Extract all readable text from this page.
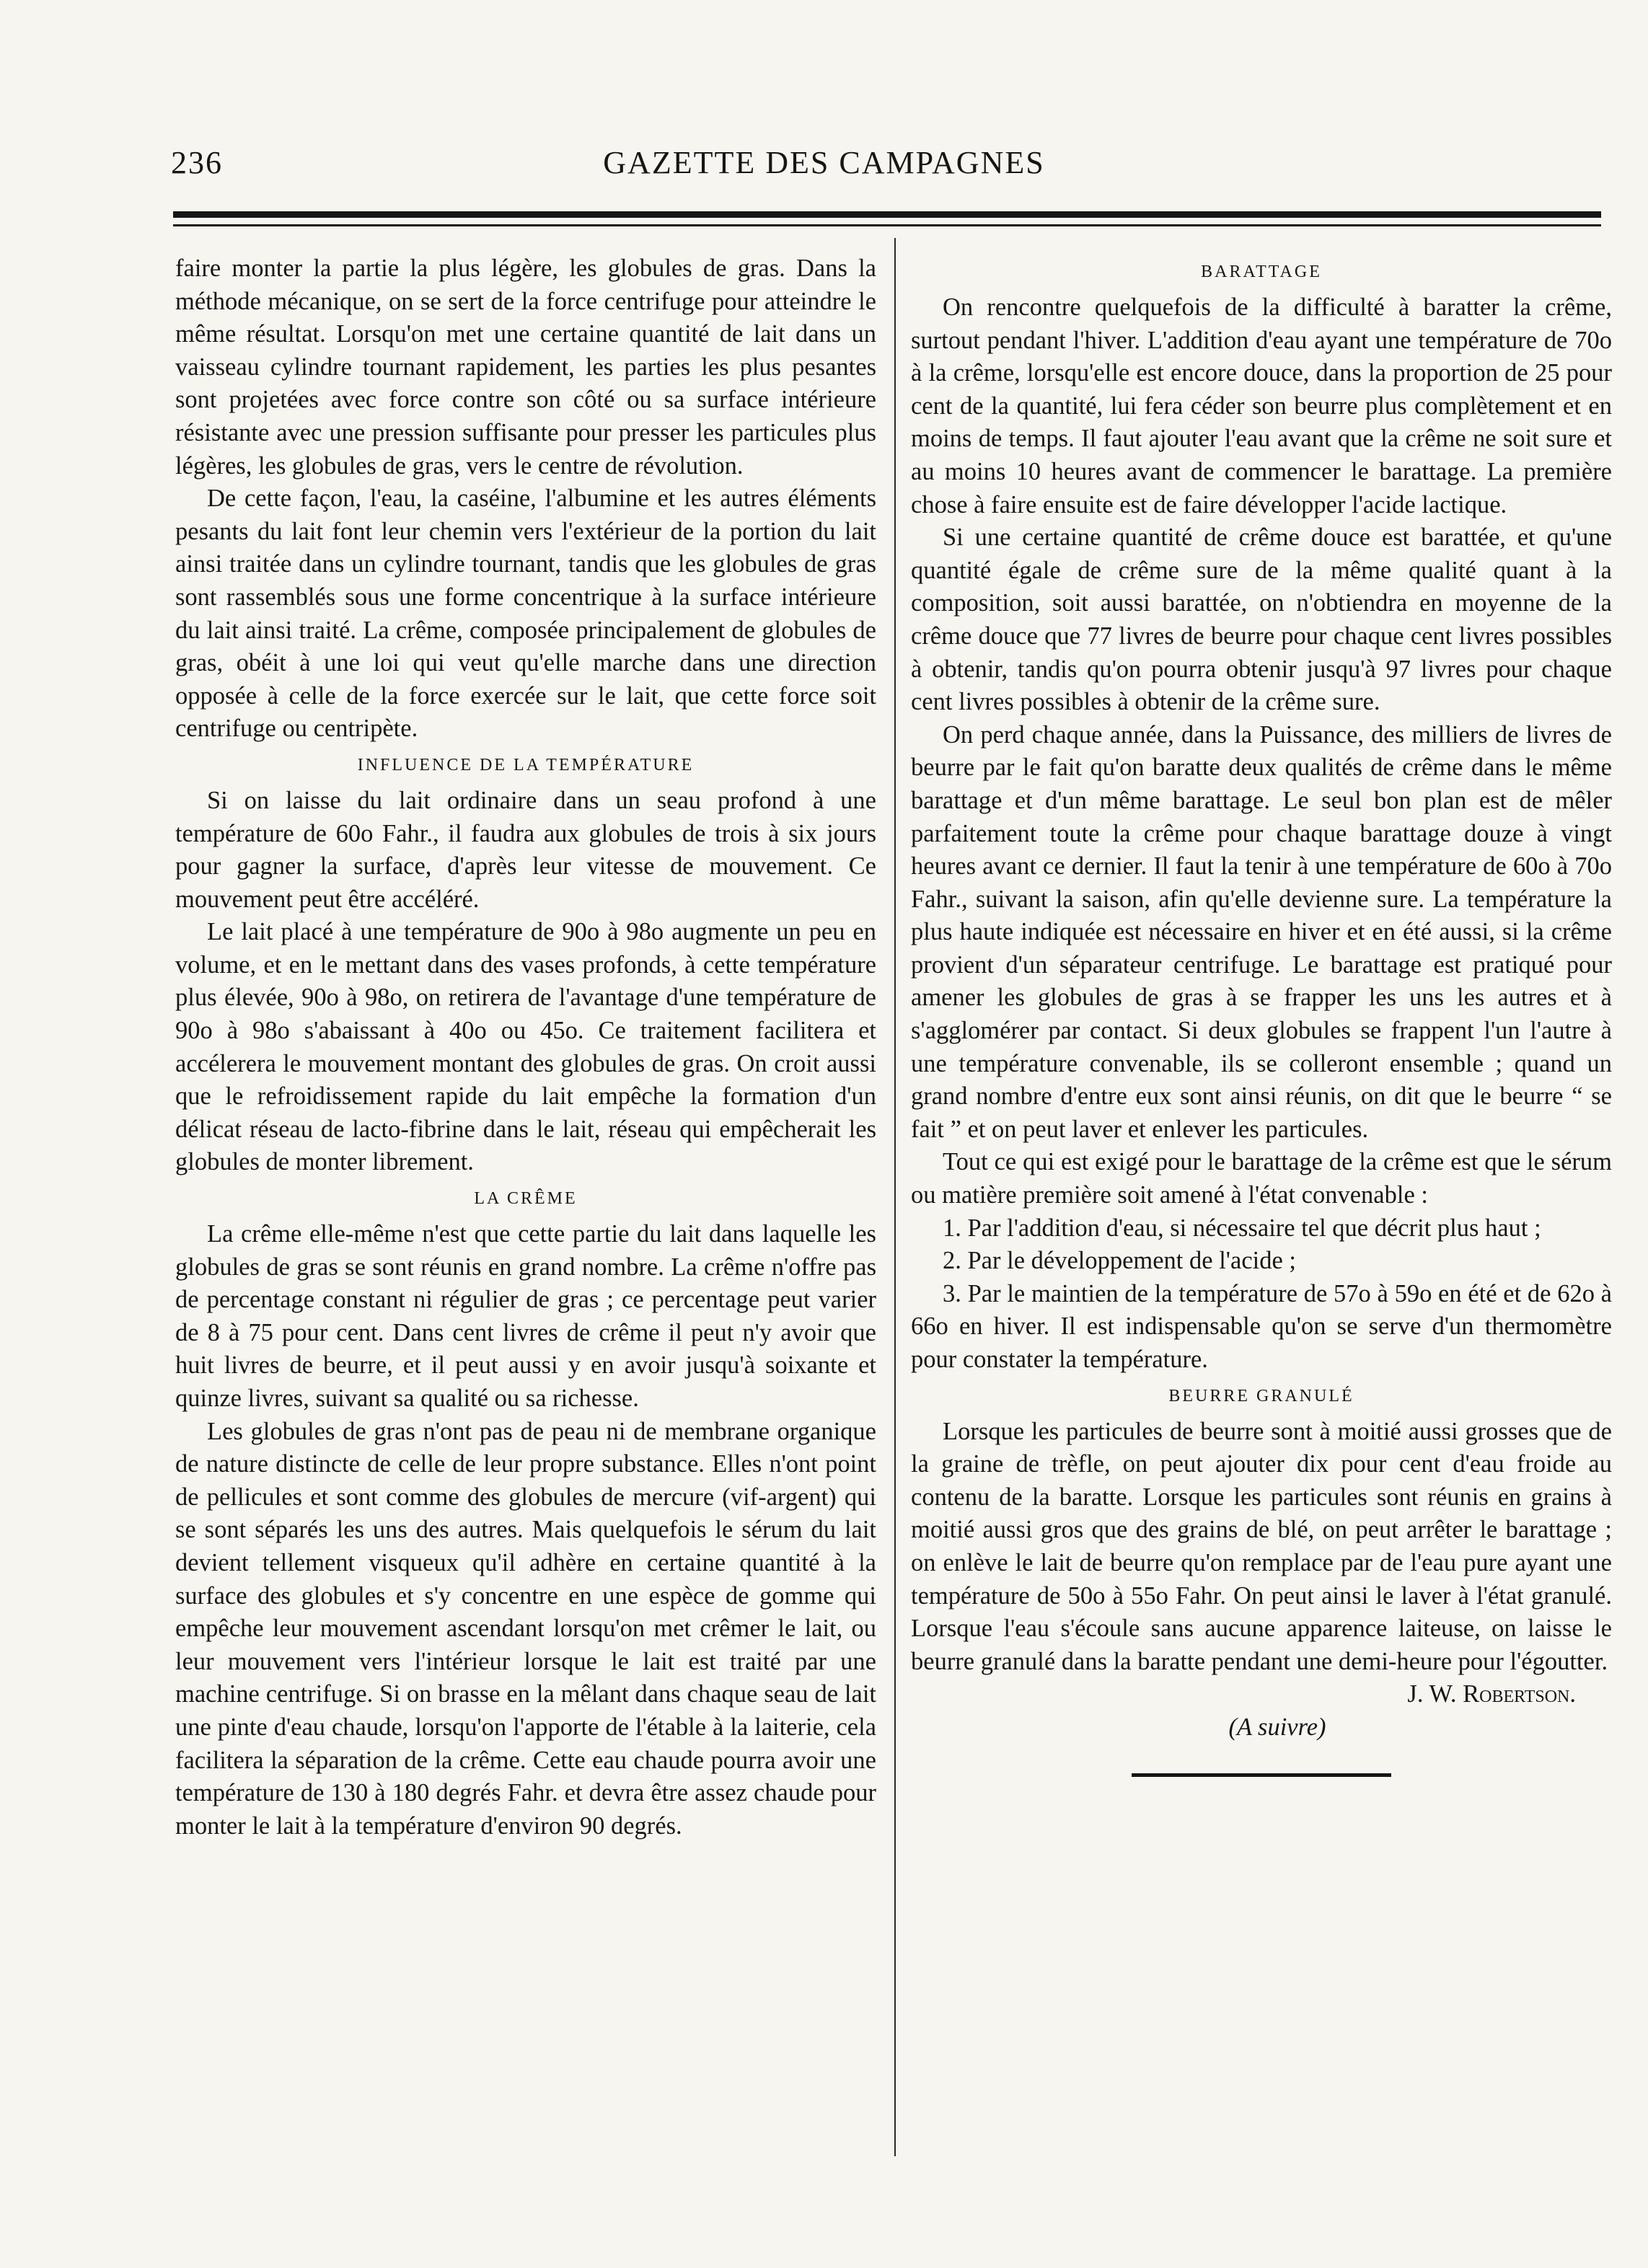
236	GAZETTE DES CAMPAGNES

faire monter la partie la plus légère, les globules de gras. Dans la méthode mécanique, on se sert de la force centrifuge pour atteindre le même résultat. Lorsqu'on met une certaine quantité de lait dans un vaisseau cylindre tournant rapidement, les parties les plus pesantes sont projetées avec force contre son côté ou sa surface intérieure résistante avec une pression suffisante pour presser les particules plus légères, les globules de gras, vers le centre de révolution.

De cette façon, l'eau, la caséine, l'albumine et les autres éléments pesants du lait font leur chemin vers l'extérieur de la portion du lait ainsi traitée dans un cylindre tournant, tandis que les globules de gras sont rassemblés sous une forme concentrique à la surface intérieure du lait ainsi traité. La crême, composée principalement de globules de gras, obéit à une loi qui veut qu'elle marche dans une direction opposée à celle de la force exercée sur le lait, que cette force soit centrifuge ou centripète.

INFLUENCE DE LA TEMPÉRATURE

Si on laisse du lait ordinaire dans un seau profond à une température de 60o Fahr., il faudra aux globules de trois à six jours pour gagner la surface, d'après leur vitesse de mouvement. Ce mouvement peut être accéléré.

Le lait placé à une température de 90o à 98o augmente un peu en volume, et en le mettant dans des vases profonds, à cette température plus élevée, 90o à 98o, on retirera de l'avantage d'une température de 90o à 98o s'abaissant à 40o ou 45o. Ce traitement facilitera et accélerera le mouvement montant des globules de gras. On croit aussi que le refroidissement rapide du lait empêche la formation d'un délicat réseau de lacto-fibrine dans le lait, réseau qui empêcherait les globules de monter librement.

LA CRÊME

La crême elle-même n'est que cette partie du lait dans laquelle les globules de gras se sont réunis en grand nombre. La crême n'offre pas de percentage constant ni régulier de gras ; ce percentage peut varier de 8 à 75 pour cent. Dans cent livres de crême il peut n'y avoir que huit livres de beurre, et il peut aussi y en avoir jusqu'à soixante et quinze livres, suivant sa qualité ou sa richesse.

Les globules de gras n'ont pas de peau ni de membrane organique de nature distincte de celle de leur propre substance. Elles n'ont point de pellicules et sont comme des globules de mercure (vif-argent) qui se sont séparés les uns des autres. Mais quelquefois le sérum du lait devient tellement visqueux qu'il adhère en certaine quantité à la surface des globules et s'y concentre en une espèce de gomme qui empêche leur mouvement ascendant lorsqu'on met crêmer le lait, ou leur mouvement vers l'intérieur lorsque le lait est traité par une machine centrifuge. Si on brasse en la mêlant dans chaque seau de lait une pinte d'eau chaude, lorsqu'on l'apporte de l'étable à la laiterie, cela facilitera la séparation de la crême. Cette eau chaude pourra avoir une température de 130 à 180 degrés Fahr. et devra être assez chaude pour monter le lait à la température d'environ 90 degrés.

BARATTAGE

On rencontre quelquefois de la difficulté à baratter la crême, surtout pendant l'hiver. L'addition d'eau ayant une température de 70o à la crême, lorsqu'elle est encore douce, dans la proportion de 25 pour cent de la quantité, lui fera céder son beurre plus complètement et en moins de temps. Il faut ajouter l'eau avant que la crême ne soit sure et au moins 10 heures avant de commencer le barattage. La première chose à faire ensuite est de faire développer l'acide lactique.

Si une certaine quantité de crême douce est barattée, et qu'une quantité égale de crême sure de la même qualité quant à la composition, soit aussi barattée, on n'obtiendra en moyenne de la crême douce que 77 livres de beurre pour chaque cent livres possibles à obtenir, tandis qu'on pourra obtenir jusqu'à 97 livres pour chaque cent livres possibles à obtenir de la crême sure.

On perd chaque année, dans la Puissance, des milliers de livres de beurre par le fait qu'on baratte deux qualités de crême dans le même barattage et d'un même barattage. Le seul bon plan est de mêler parfaitement toute la crême pour chaque barattage douze à vingt heures avant ce dernier. Il faut la tenir à une température de 60o à 70o Fahr., suivant la saison, afin qu'elle devienne sure. La température la plus haute indiquée est nécessaire en hiver et en été aussi, si la crême provient d'un séparateur centrifuge. Le barattage est pratiqué pour amener les globules de gras à se frapper les uns les autres et à s'agglomérer par contact. Si deux globules se frappent l'un l'autre à une température convenable, ils se colleront ensemble ; quand un grand nombre d'entre eux sont ainsi réunis, on dit que le beurre “ se fait ” et on peut laver et enlever les particules.

Tout ce qui est exigé pour le barattage de la crême est que le sérum ou matière première soit amené à l'état convenable :

1. Par l'addition d'eau, si nécessaire tel que décrit plus haut ;

2. Par le développement de l'acide ;

3. Par le maintien de la température de 57o à 59o en été et de 62o à 66o en hiver. Il est indispensable qu'on se serve d'un thermomètre pour constater la température.

BEURRE GRANULÉ

Lorsque les particules de beurre sont à moitié aussi grosses que de la graine de trèfle, on peut ajouter dix pour cent d'eau froide au contenu de la baratte. Lorsque les particules sont réunis en grains à moitié aussi gros que des grains de blé, on peut arrêter le barattage ; on enlève le lait de beurre qu'on remplace par de l'eau pure ayant une température de 50o à 55o Fahr. On peut ainsi le laver à l'état granulé. Lorsque l'eau s'écoule sans aucune apparence laiteuse, on laisse le beurre granulé dans la baratte pendant une demi-heure pour l'égoutter.

J. W. Robertson.

(A suivre)
